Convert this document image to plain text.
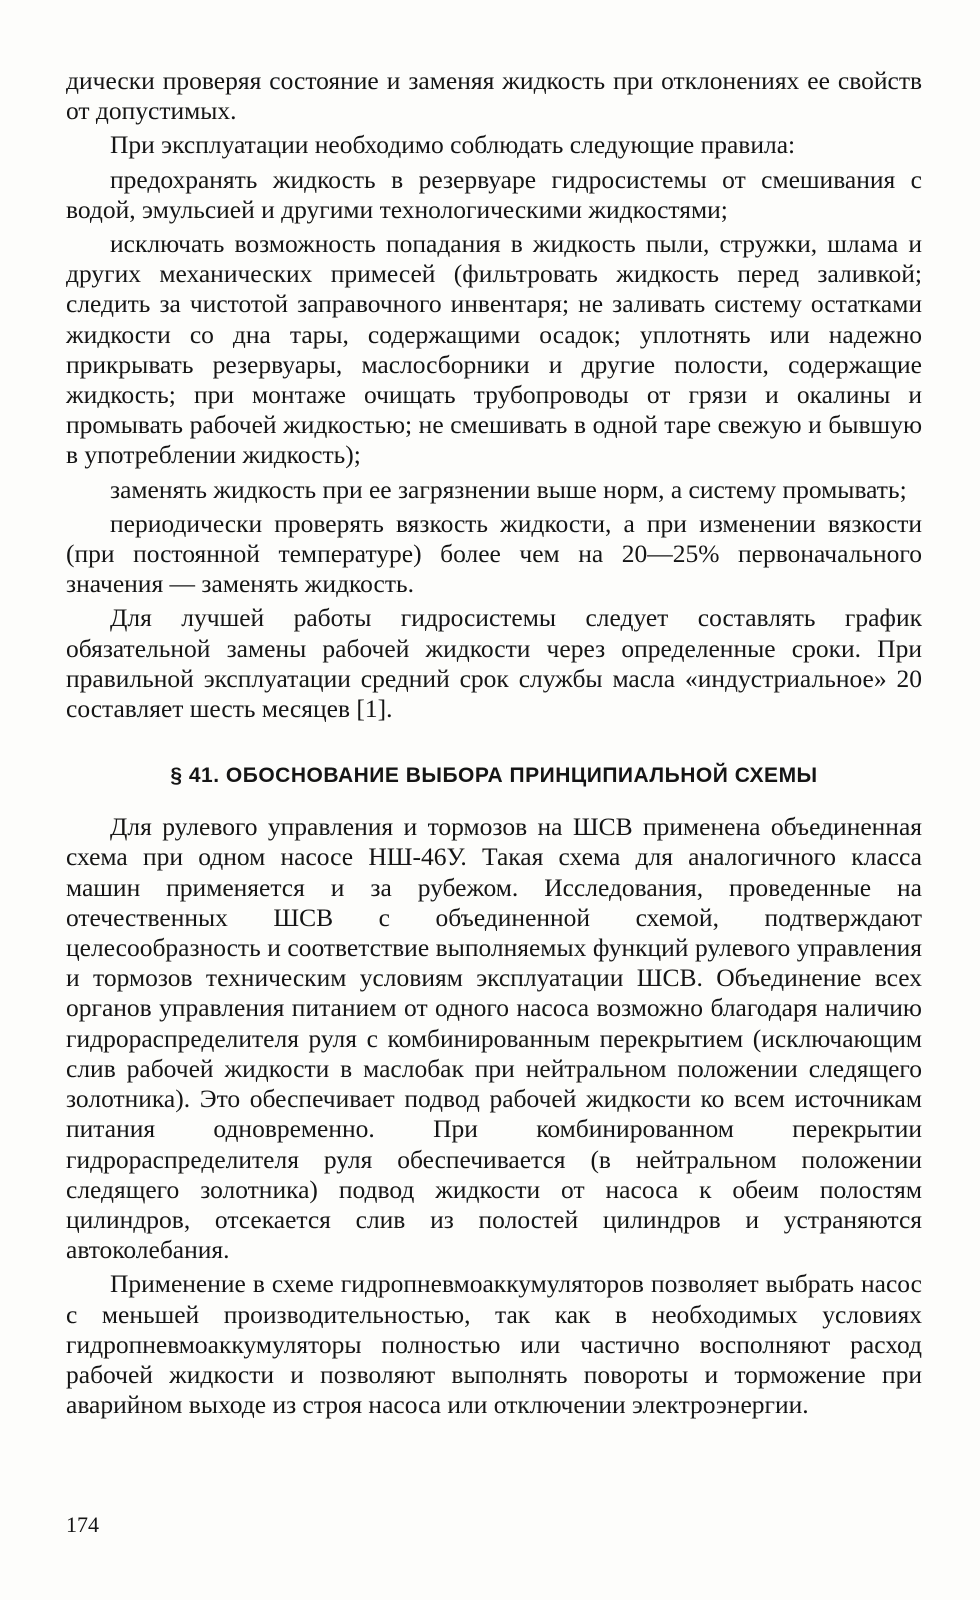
дически проверяя состояние и заменяя жидкость при отклонениях ее свойств от допустимых.

При эксплуатации необходимо соблюдать следующие правила:

предохранять жидкость в резервуаре гидросистемы от смешивания с водой, эмульсией и другими технологическими жидкостями;

исключать возможность попадания в жидкость пыли, стружки, шлама и других механических примесей (фильтровать жидкость перед заливкой; следить за чистотой заправочного инвентаря; не заливать систему остатками жидкости со дна тары, содержащими осадок; уплотнять или надежно прикрывать резервуары, маслосборники и другие полости, содержащие жидкость; при монтаже очищать трубопроводы от грязи и окалины и промывать рабочей жидкостью; не смешивать в одной таре свежую и бывшую в употреблении жидкость);

заменять жидкость при ее загрязнении выше норм, а систему промывать;

периодически проверять вязкость жидкости, а при изменении вязкости (при постоянной температуре) более чем на 20—25% первоначального значения — заменять жидкость.

Для лучшей работы гидросистемы следует составлять график обязательной замены рабочей жидкости через определенные сроки. При правильной эксплуатации средний срок службы масла «индустриальное» 20 составляет шесть месяцев [1].

§ 41. ОБОСНОВАНИЕ ВЫБОРА ПРИНЦИПИАЛЬНОЙ СХЕМЫ

Для рулевого управления и тормозов на ШСВ применена объединенная схема при одном насосе НШ-46У. Такая схема для аналогичного класса машин применяется и за рубежом. Исследования, проведенные на отечественных ШСВ с объединенной схемой, подтверждают целесообразность и соответствие выполняемых функций рулевого управления и тормозов техническим условиям эксплуатации ШСВ. Объединение всех органов управления питанием от одного насоса возможно благодаря наличию гидрораспределителя руля с комбинированным перекрытием (исключающим слив рабочей жидкости в маслобак при нейтральном положении следящего золотника). Это обеспечивает подвод рабочей жидкости ко всем источникам питания одновременно. При комбинированном перекрытии гидрораспределителя руля обеспечивается (в нейтральном положении следящего золотника) подвод жидкости от насоса к обеим полостям цилиндров, отсекается слив из полостей цилиндров и устраняются автоколебания.

Применение в схеме гидропневмоаккумуляторов позволяет выбрать насос с меньшей производительностью, так как в необходимых условиях гидропневмоаккумуляторы полностью или частично восполняют расход рабочей жидкости и позволяют выполнять повороты и торможение при аварийном выходе из строя насоса или отключении электроэнергии.

174
